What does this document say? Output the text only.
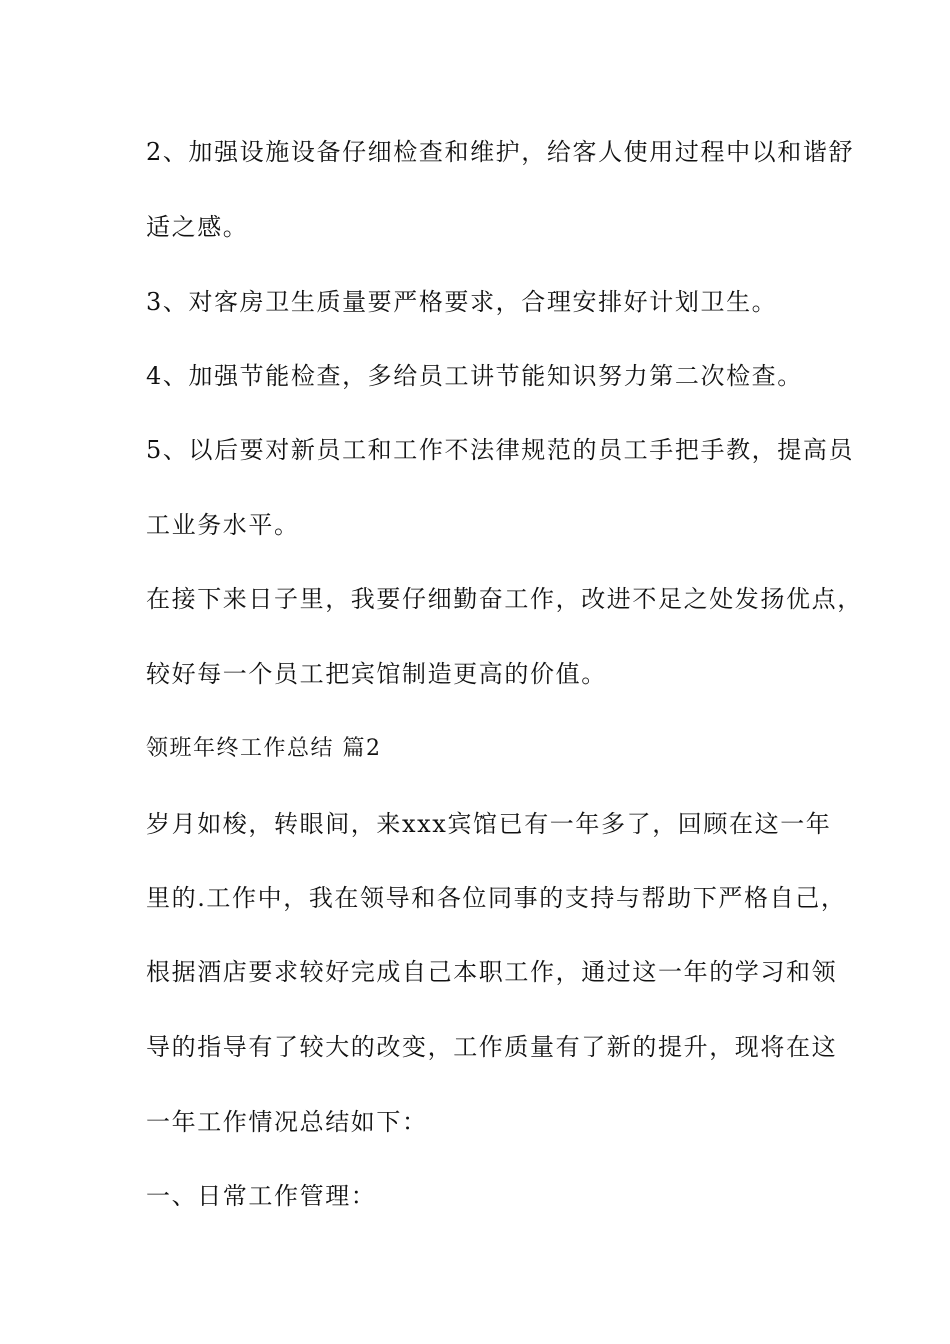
2、加强设施设备仔细检查和维护，给客人使用过程中以和谐舒

适之感。

3、对客房卫生质量要严格要求，合理安排好计划卫生。

4、加强节能检查，多给员工讲节能知识努力第二次检查。

5、以后要对新员工和工作不法律规范的员工手把手教，提高员

工业务水平。

在接下来日子里，我要仔细勤奋工作，改进不足之处发扬优点，

较好每一个员工把宾馆制造更高的价值。

领班年终工作总结 篇2

岁月如梭，转眼间，来xxx宾馆已有一年多了，回顾在这一年

里的.工作中，我在领导和各位同事的支持与帮助下严格自己，

根据酒店要求较好完成自己本职工作，通过这一年的学习和领

导的指导有了较大的改变，工作质量有了新的提升，现将在这

一年工作情况总结如下：

一、日常工作管理：
